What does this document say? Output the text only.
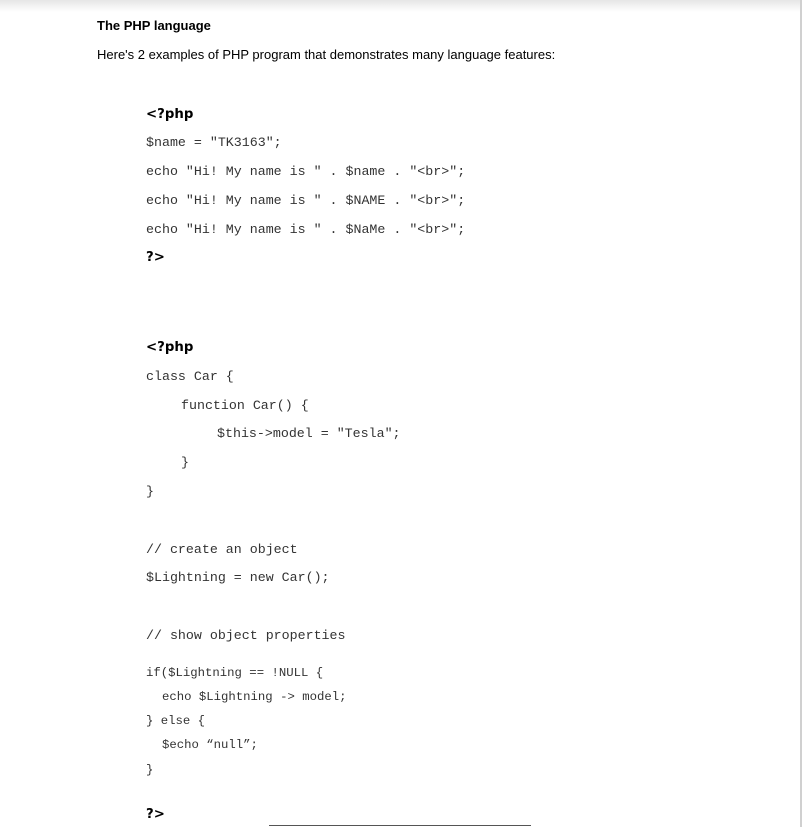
The PHP language
Here's 2 examples of PHP program that demonstrates many language features:
<?php
$name = "TK3163";
echo "Hi! My name is " . $name . "<br>";
echo "Hi! My name is " . $NAME . "<br>";
echo "Hi! My name is " . $NaMe . "<br>";
?>
<?php
class Car {
function Car() {
$this->model = "Tesla";
}
}
// create an object
$Lightning = new Car();
// show object properties
if($Lightning == !NULL {
echo $Lightning -> model;
} else {
$echo “null”;
}
?>
